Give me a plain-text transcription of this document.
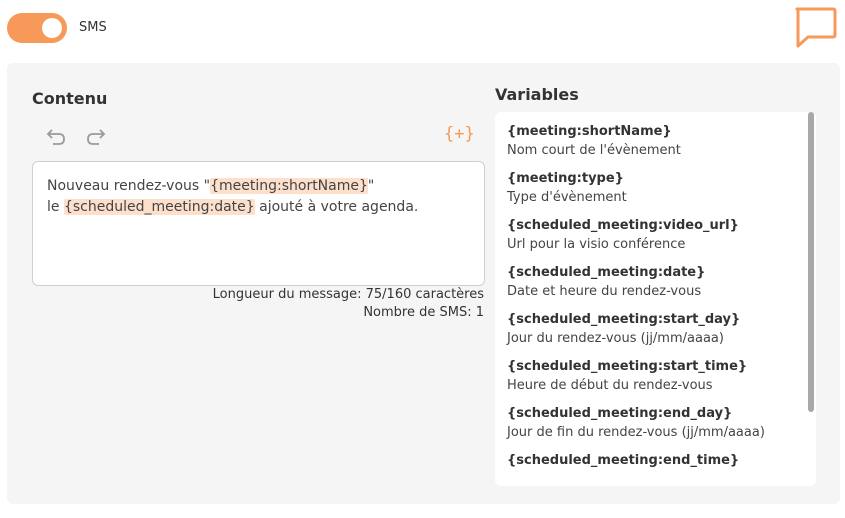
SMS
Contenu
{+}
Nouveau rendez-vous "{meeting:shortName}"
le {scheduled_meeting:date} ajouté à votre agenda.
Longueur du message: 75/160 caractères
Nombre de SMS: 1
Variables
{meeting:shortName}
Nom court de l'évènement
{meeting:type}
Type d'évènement
{scheduled_meeting:video_url}
Url pour la visio conférence
{scheduled_meeting:date}
Date et heure du rendez-vous
{scheduled_meeting:start_day}
Jour du rendez-vous (jj/mm/aaaa)
{scheduled_meeting:start_time}
Heure de début du rendez-vous
{scheduled_meeting:end_day}
Jour de fin du rendez-vous (jj/mm/aaaa)
{scheduled_meeting:end_time}
